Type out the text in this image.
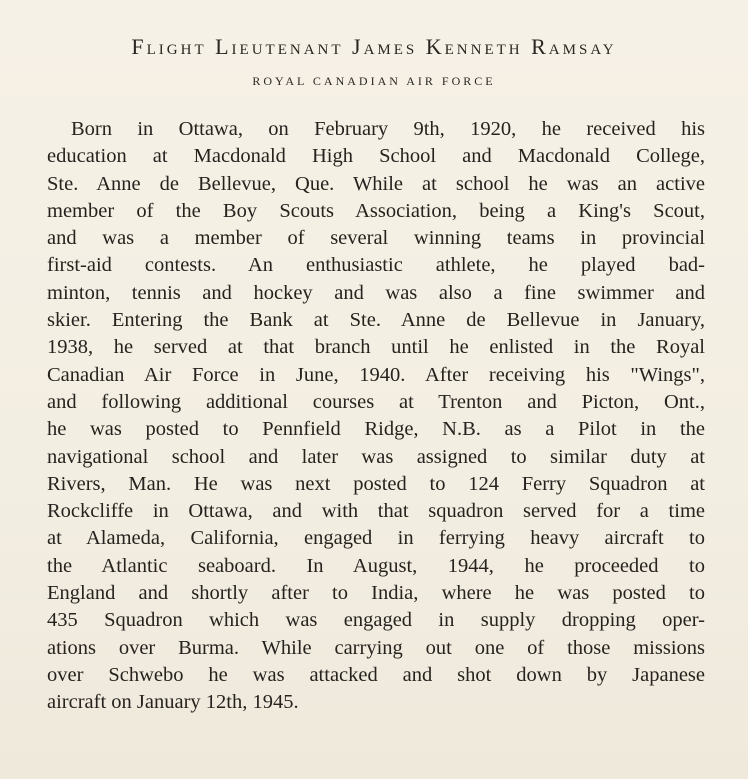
Flight Lieutenant James Kenneth Ramsay
ROYAL CANADIAN AIR FORCE
Born in Ottawa, on February 9th, 1920, he received his
education at Macdonald High School and Macdonald College,
Ste. Anne de Bellevue, Que. While at school he was an active
member of the Boy Scouts Association, being a King's Scout,
and was a member of several winning teams in provincial
first-aid contests. An enthusiastic athlete, he played bad-
minton, tennis and hockey and was also a fine swimmer and
skier. Entering the Bank at Ste. Anne de Bellevue in January,
1938, he served at that branch until he enlisted in the Royal
Canadian Air Force in June, 1940. After receiving his "Wings",
and following additional courses at Trenton and Picton, Ont.,
he was posted to Pennfield Ridge, N.B. as a Pilot in the
navigational school and later was assigned to similar duty at
Rivers, Man. He was next posted to 124 Ferry Squadron at
Rockcliffe in Ottawa, and with that squadron served for a time
at Alameda, California, engaged in ferrying heavy aircraft to
the Atlantic seaboard. In August, 1944, he proceeded to
England and shortly after to India, where he was posted to
435 Squadron which was engaged in supply dropping oper-
ations over Burma. While carrying out one of those missions
over Schwebo he was attacked and shot down by Japanese
aircraft on January 12th, 1945.
